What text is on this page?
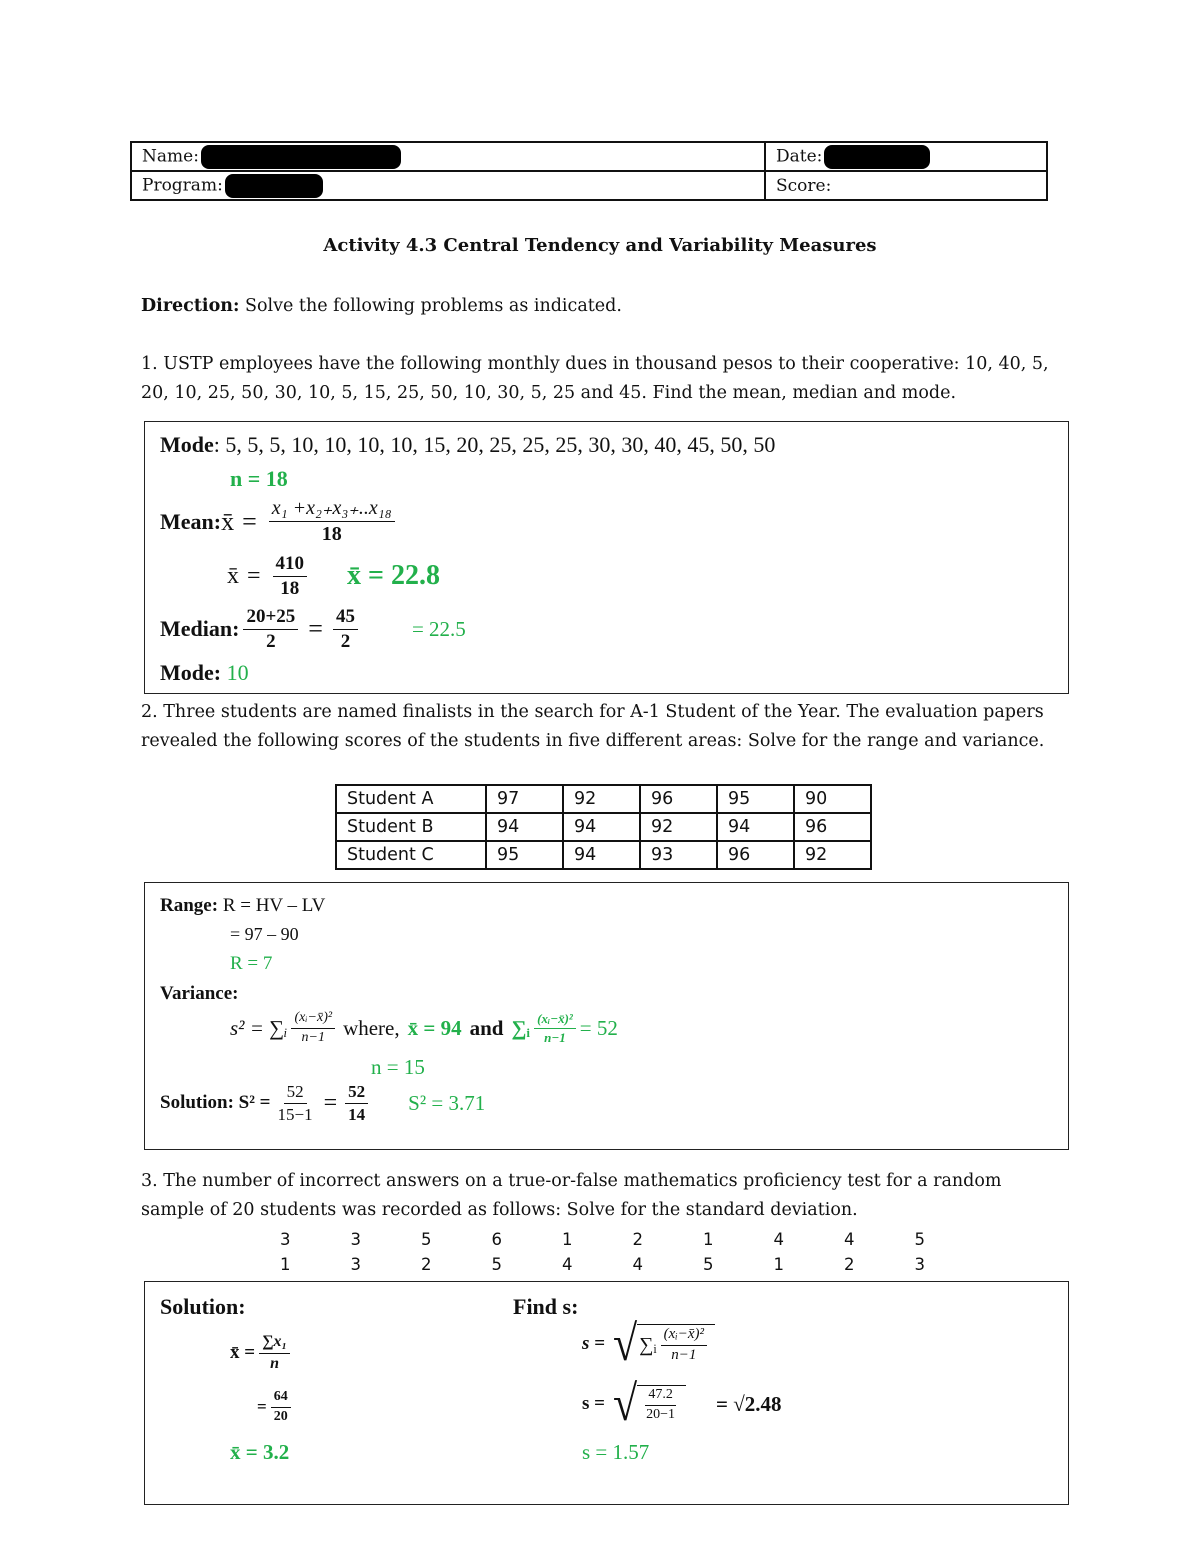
Name:	Date:
Program:	Score:
Activity 4.3 Central Tendency and Variability Measures
Direction: Solve the following problems as indicated.
1. USTP employees have the following monthly dues in thousand pesos to their cooperative: 10, 40, 5, 20, 10, 25, 50, 30, 10, 5, 15, 25, 50, 10, 30, 5, 25 and 45. Find the mean, median and mode.
Mode: 5, 5, 5, 10, 10, 10, 10, 15, 20, 25, 25, 25, 30, 30, 40, 45, 50, 50
n = 18
Mean: x̄ = $\frac{\text{x₁ +x₂₊x₃₊..x₁₈}}{18}$
x̄ = $\frac{410}{18}$ x̄ = 22.8
Median: $\frac{20+25}{2} = \frac{45}{2}$	= 22.5
Mode: 10
2. Three students are named finalists in the search for A-1 Student of the Year. The evaluation papers revealed the following scores of the students in five different areas: Solve for the range and variance.
Student A	97	92	96	95	90
Student B	94	94	92	94	96
Student C	95	94	93	96	92
Range: R = HV – LV
= 97 – 90
R = 7
Variance:
s² = ∑ᵢ $\frac{\text{(xᵢ−x̄)²}}{n-1}$ where, x̄ = 94 and ∑ᵢ $\frac{\text{(xᵢ−x̄)²}}{n-1} = 52$
n = 15
Solution: $S^2 = \frac{52}{15-1} = \frac{52}{14} S^2 = 3.71$
3. The number of incorrect answers on a true-or-false mathematics proficiency test for a random sample of 20 students was recorded as follows: Solve for the standard deviation.
3	3	5	6	1	2	1	4	4	5
1	3	2	5	4	4	5	1	2	3
Solution:	Find s:
x̄ = $\frac{\text{∑x₁}}{n}$
= $\frac{64}{20}$
x̄ = 3.2
s = √ ∑ᵢ $\frac{\text{(xᵢ−x̄)²}}{n-1}$
s = √ $\frac{47.2}{20-1} = √2.48$
s = 1.57
